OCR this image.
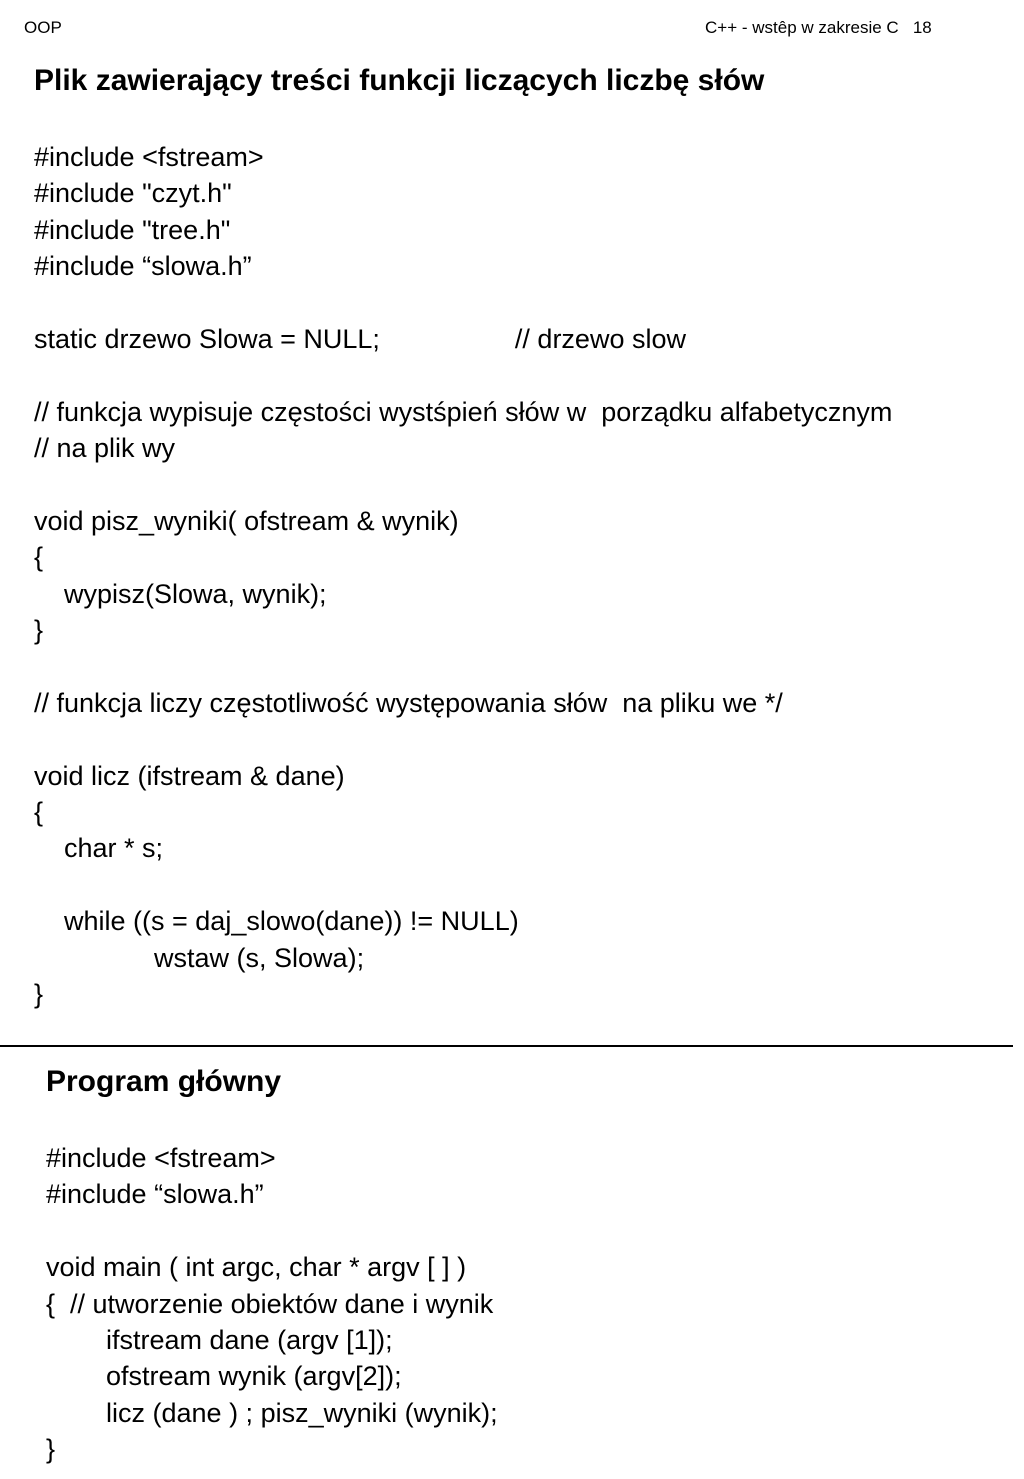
OOP	C++ - wstêp w zakresie C   18
Plik zawierający treści funkcji liczących liczbę słów
#include <fstream>
#include "czyt.h"
#include "tree.h"
#include “slowa.h”

static drzewo Slowa = NULL;                  // drzewo slow

// funkcja wypisuje częstości wystśpień słów w  porządku alfabetycznym
// na plik wy

void pisz_wyniki( ofstream & wynik)
{
wypisz(Slowa, wynik);
}

// funkcja liczy częstotliwość występowania słów  na pliku we */

void licz (ifstream & dane)
{
char * s;

while ((s = daj_slowo(dane)) != NULL)
wstaw (s, Slowa);
}
Program główny
#include <fstream>
#include “slowa.h”

void main ( int argc, char * argv [ ] )
{  // utworzenie obiektów dane i wynik
ifstream dane (argv [1]);
ofstream wynik (argv[2]);
licz (dane ) ; pisz_wyniki (wynik);
}
